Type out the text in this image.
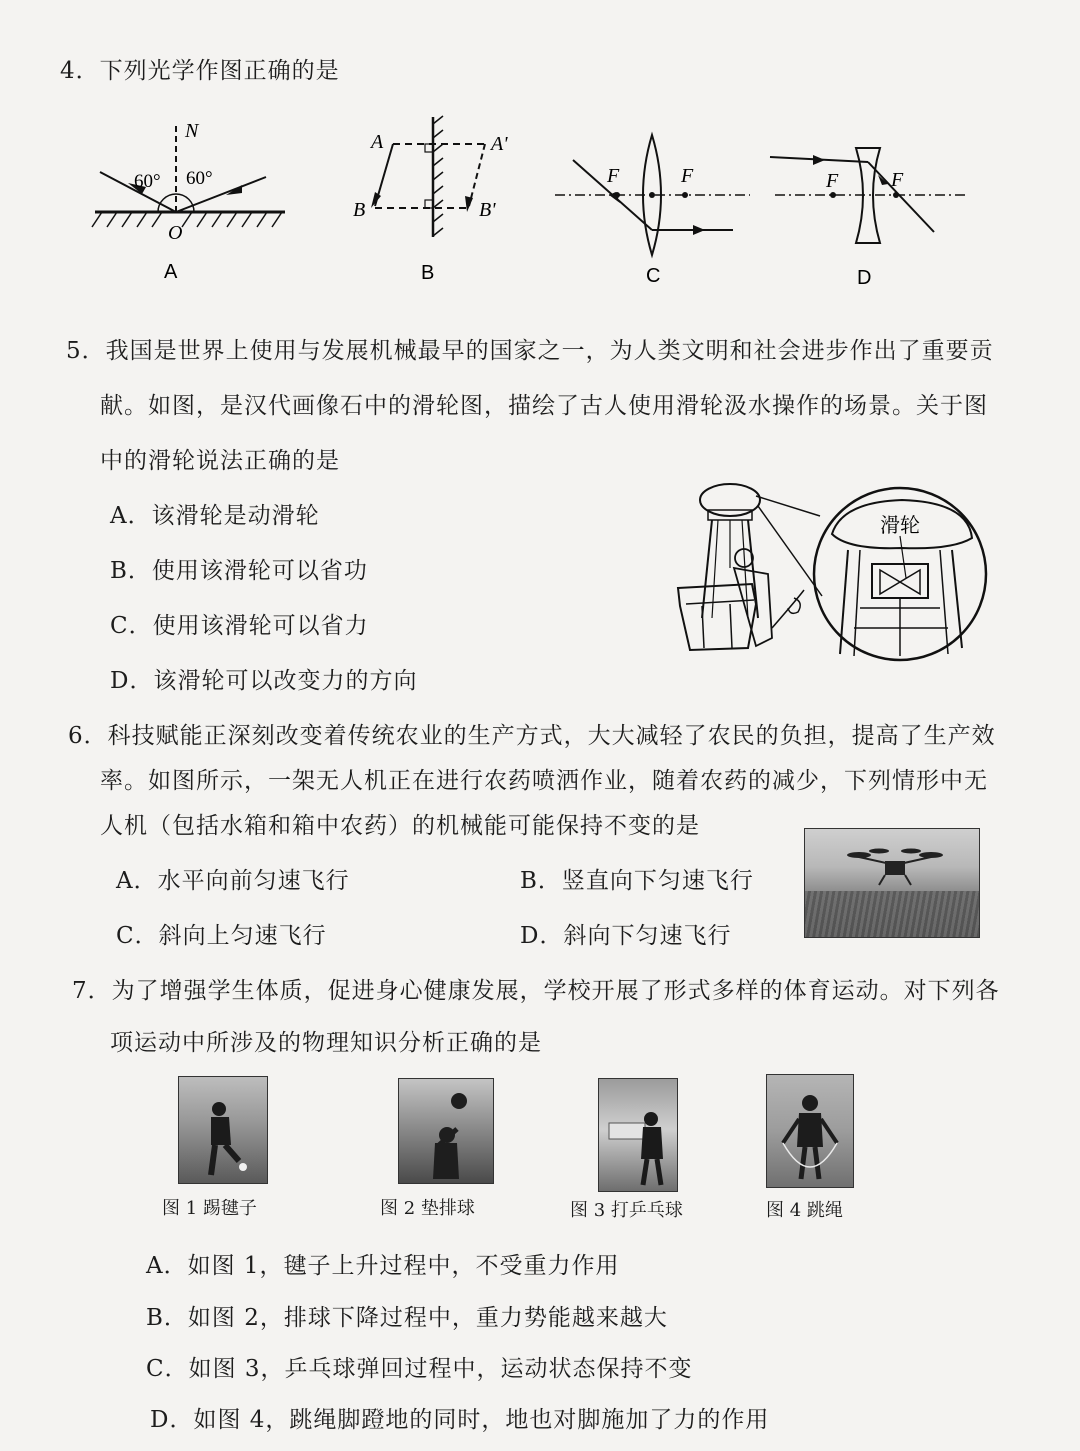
4．下列光学作图正确的是
N
60° 60°
O
A
A
B
A'
B'
B
F	F
C
F	F
D
5．我国是世界上使用与发展机械最早的国家之一，为人类文明和社会进步作出了重要贡
献。如图，是汉代画像石中的滑轮图，描绘了古人使用滑轮汲水操作的场景。关于图
中的滑轮说法正确的是
A．该滑轮是动滑轮
B．使用该滑轮可以省功
C．使用该滑轮可以省力
D．该滑轮可以改变力的方向
滑轮
6．科技赋能正深刻改变着传统农业的生产方式，大大减轻了农民的负担，提高了生产效
率。如图所示，一架无人机正在进行农药喷洒作业，随着农药的减少，下列情形中无
人机（包括水箱和箱中农药）的机械能可能保持不变的是
A．水平向前匀速飞行	B．竖直向下匀速飞行
C．斜向上匀速飞行	D．斜向下匀速飞行
7．为了增强学生体质，促进身心健康发展，学校开展了形式多样的体育运动。对下列各
项运动中所涉及的物理知识分析正确的是
图 1 踢毽子	图 2 垫排球	图 3 打乒乓球	图 4 跳绳
A．如图 1，毽子上升过程中，不受重力作用
B．如图 2，排球下降过程中，重力势能越来越大
C．如图 3，乒乓球弹回过程中，运动状态保持不变
D．如图 4，跳绳脚蹬地的同时，地也对脚施加了力的作用
